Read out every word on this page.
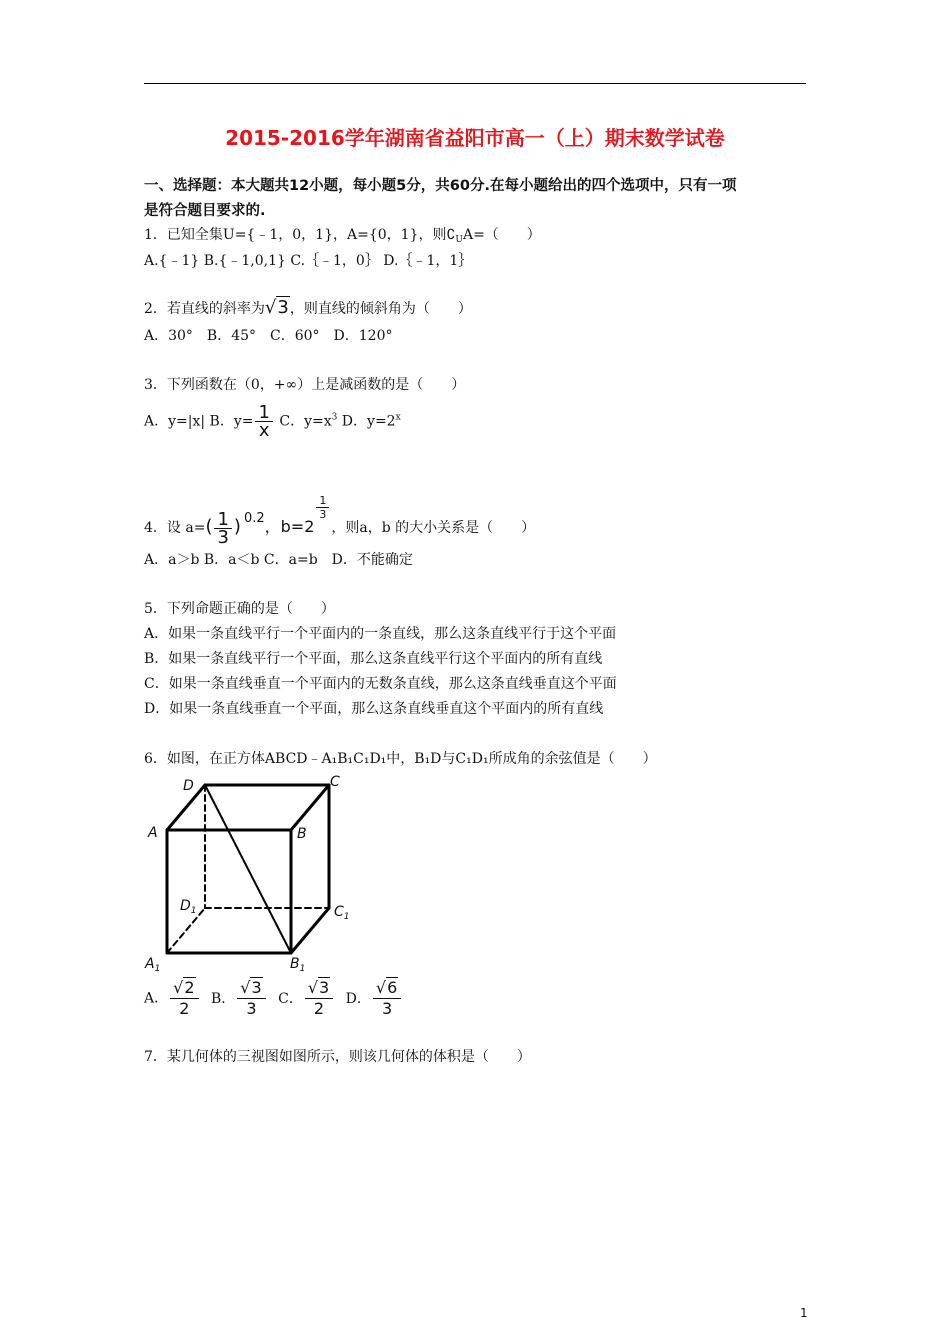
2015-2016学年湖南省益阳市高一（上）期末数学试卷
一、选择题：本大题共12小题，每小题5分，共60分.在每小题给出的四个选项中，只有一项
是符合题目要求的.
1．已知全集U={﹣1，0，1}，A={0，1}，则$∁_UA=$（　　）
A.{﹣1} B.{﹣1,0,1} C.｛﹣1，0｝ D.｛﹣1，1｝
2．若直线的斜率为√3，则直线的倾斜角为（　　）
A．30°　B．45°　C．60°　D．120°
3．下列函数在（0，+∞）上是减函数的是（　　）
A．y=|x| B．$y= \frac{1}{x}$ C．$y=x^3$ D．$y=2^x$
4．设 $a=( \frac{1}{3}$ ) 0.2，b=2
$\frac{1}{3}$
，则a，b 的大小关系是（　　）
A．a＞b B．a＜b C．a=b　D．不能确定
5．下列命题正确的是（　　）
A．如果一条直线平行一个平面内的一条直线，那么这条直线平行于这个平面
B．如果一条直线平行一个平面，那么这条直线平行这个平面内的所有直线
C．如果一条直线垂直一个平面内的无数条直线，那么这条直线垂直这个平面
D．如果一条直线垂直一个平面，那么这条直线垂直这个平面内的所有直线
6．如图，在正方体ABCD﹣A₁B₁C₁D₁中，B₁D与C₁D₁所成角的余弦值是（　　）
D	C
A	B
$D_1$	$C_1$
$A_1$	$B_1$
A． $\frac{√2}{2}$ B． $\frac{√3}{3}$ C． $\frac{√3}{2}$ D． $\frac{√6}{3}$
7．某几何体的三视图如图所示，则该几何体的体积是（　　）
1
